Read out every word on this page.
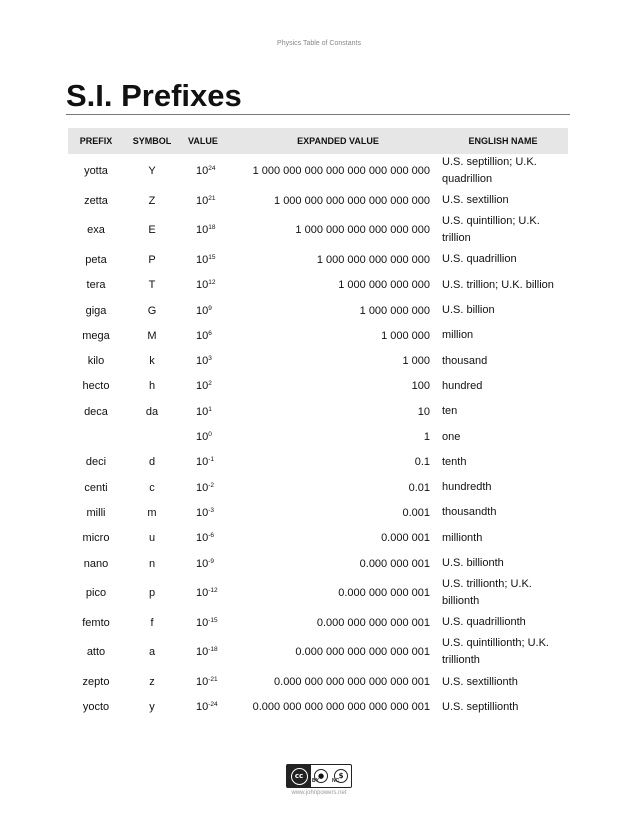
Physics Table of Constants
S.I. Prefixes
PREFIX	SYMBOL	VALUE	EXPANDED VALUE	ENGLISH NAME
yotta	Y	$10^{24}$	1 000 000 000 000 000 000 000 000	U.S. septillion; U.K. quadrillion
zetta	Z	$10^{21}$	1 000 000 000 000 000 000 000	U.S. sextillion
exa	E	$10^{18}$	1 000 000 000 000 000 000	U.S. quintillion; U.K. trillion
peta	P	$10^{15}$	1 000 000 000 000 000	U.S. quadrillion
tera	T	$10^{12}$	1 000 000 000 000	U.S. trillion; U.K. billion
giga	G	$10^9$	1 000 000 000	U.S. billion
mega	M	$10^6$	1 000 000	million
kilo	k	$10^3$	1 000	thousand
hecto	h	$10^2$	100	hundred
deca	da	$10^1$	10	ten
		$10^0$	1	one
deci	d	$10^{-1}$	0.1	tenth
centi	c	$10^{-2}$	0.01	hundredth
milli	m	$10^{-3}$	0.001	thousandth
micro	u	$10^{-6}$	0.000 001	millionth
nano	n	$10^{-9}$	0.000 000 001	U.S. billionth
pico	p	$10^{-12}$	0.000 000 000 001	U.S. trillionth; U.K. billionth
femto	f	$10^{-15}$	0.000 000 000 000 001	U.S. quadrillionth
atto	a	$10^{-18}$	0.000 000 000 000 000 001	U.S. quintillionth; U.K. trillionth
zepto	z	$10^{-21}$	0.000 000 000 000 000 000 001	U.S. sextillionth
yocto	y	$10^{-24}$	0.000 000 000 000 000 000 000 001	U.S. septillionth
cc	●	$
BY	NC
www.johnpowers.net
